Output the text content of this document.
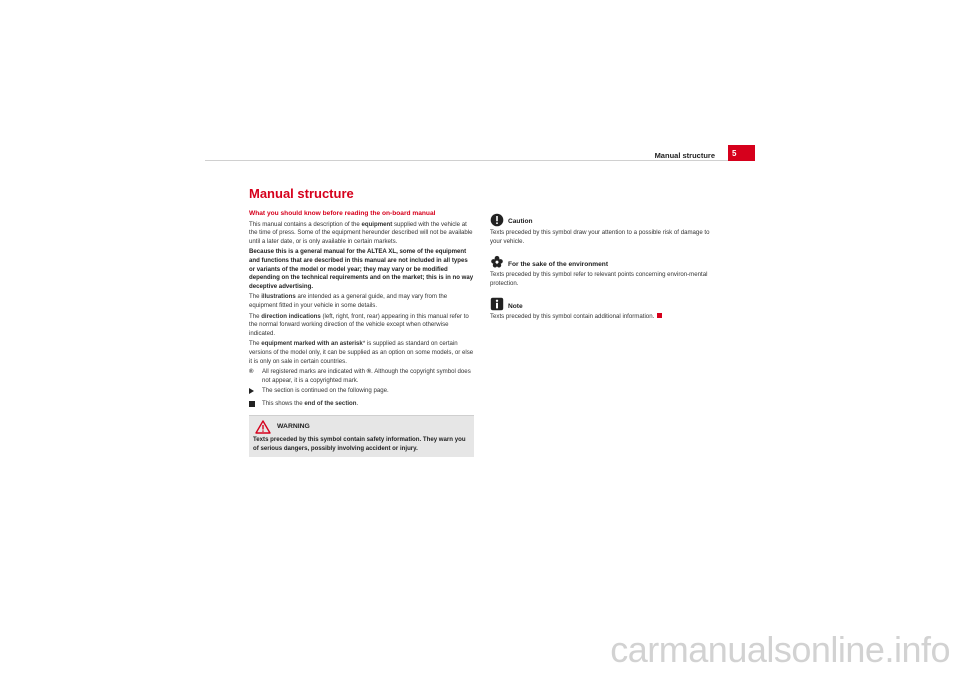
Manual structure	5
Manual structure

What you should know before reading the on-board manual

This manual contains a description of the equipment supplied with the vehicle at the time of press. Some of the equipment hereunder described will not be available until a later date, or is only available in certain markets.

Because this is a general manual for the ALTEA XL, some of the equipment and functions that are described in this manual are not included in all types or variants of the model or model year; they may vary or be modified depending on the technical requirements and on the market; this is in no way deceptive advertising.

The illustrations are intended as a general guide, and may vary from the equipment fitted in your vehicle in some details.

The direction indications (left, right, front, rear) appearing in this manual refer to the normal forward working direction of the vehicle except when otherwise indicated.

The equipment marked with an asterisk* is supplied as standard on certain versions of the model only, it can be supplied as an option on some models, or else it is only on sale in certain countries.

®	All registered marks are indicated with ®. Although the copyright symbol does not appear, it is a copyrighted mark.
The section is continued on the following page.
This shows the end of the section.
WARNING
Texts preceded by this symbol contain safety information. They warn you of serious dangers, possibly involving accident or injury.
Caution

Texts preceded by this symbol draw your attention to a possible risk of damage to your vehicle.

For the sake of the environment

Texts preceded by this symbol refer to relevant points concerning environ-mental protection.

Note

Texts preceded by this symbol contain additional information.

carmanualsonline.info
